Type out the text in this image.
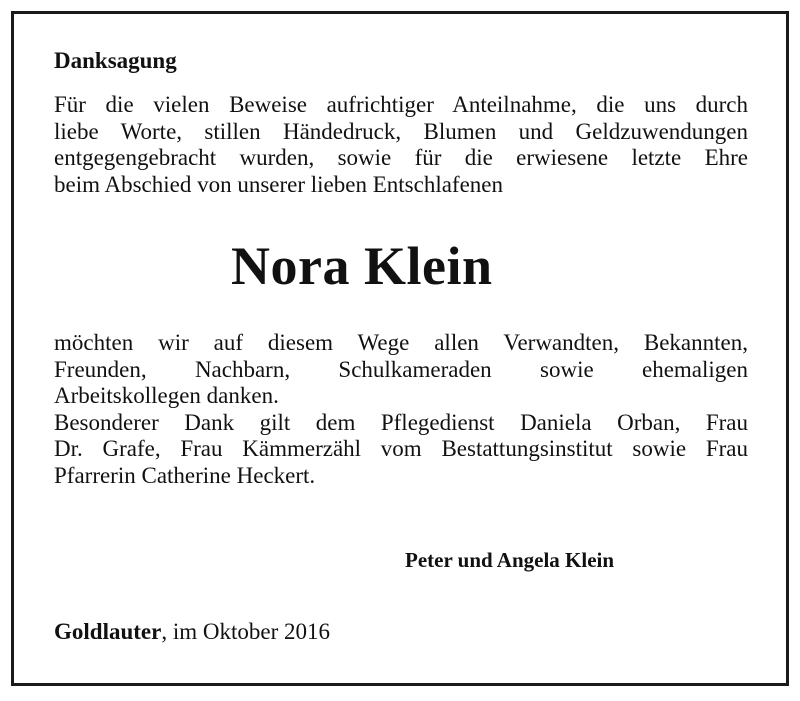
Danksagung
Für die vielen Beweise aufrichtiger Anteilnahme, die uns durch
liebe Worte, stillen Händedruck, Blumen und Geldzuwendungen
entgegengebracht wurden, sowie für die erwiesene letzte Ehre
beim Abschied von unserer lieben Entschlafenen
Nora Klein
möchten wir auf diesem Wege allen Verwandten, Bekannten,
Freunden, Nachbarn, Schulkameraden sowie ehemaligen
Arbeitskollegen danken.
Besonderer Dank gilt dem Pflegedienst Daniela Orban, Frau
Dr. Grafe, Frau Kämmerzähl vom Bestattungsinstitut sowie Frau
Pfarrerin Catherine Heckert.
Peter und Angela Klein
Goldlauter, im Oktober 2016
